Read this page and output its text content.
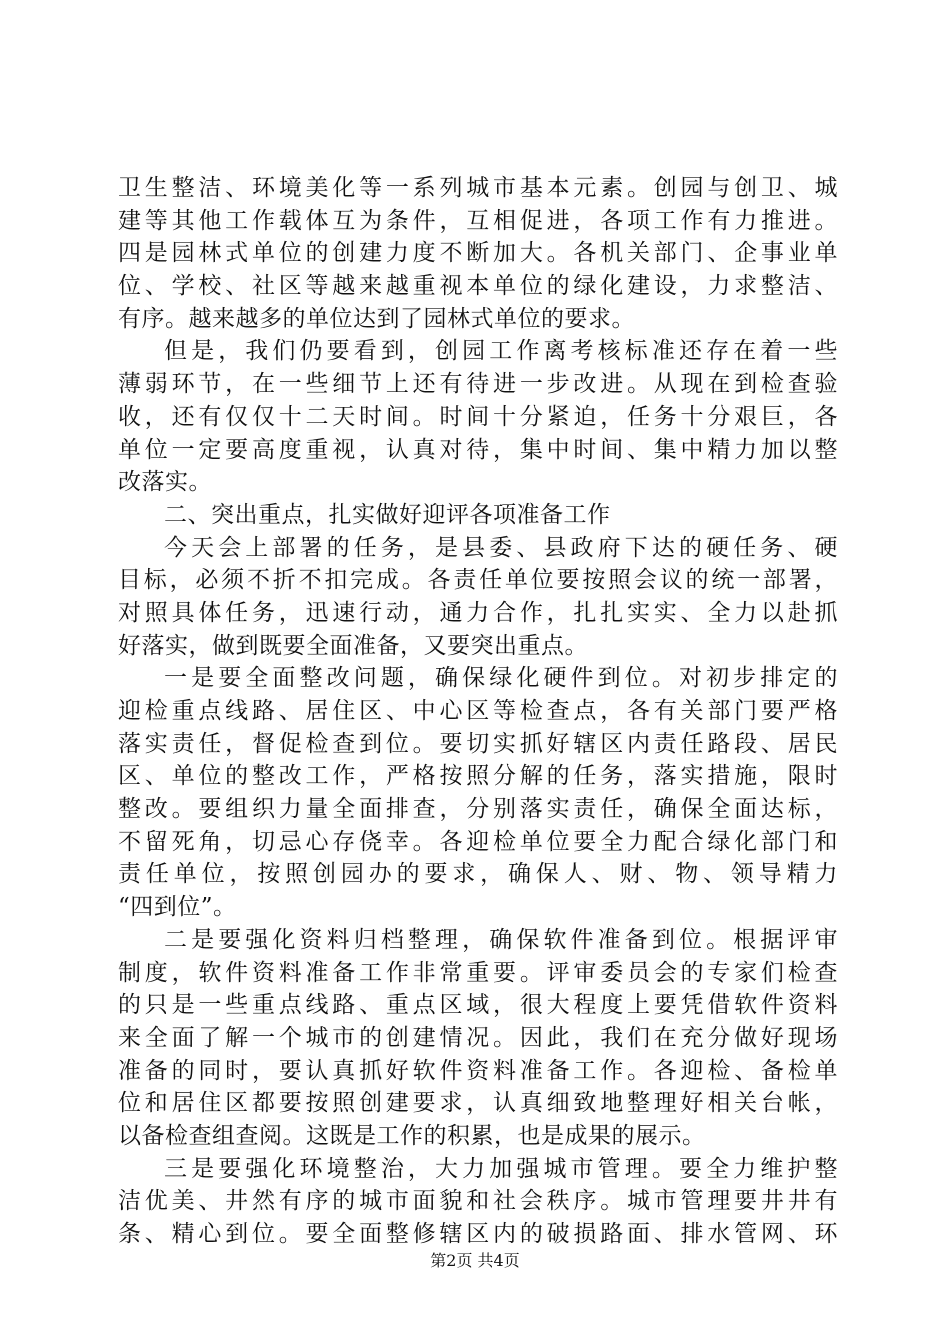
卫生整洁、环境美化等一系列城市基本元素。创园与创卫、城
建等其他工作载体互为条件，互相促进，各项工作有力推进。
四是园林式单位的创建力度不断加大。各机关部门、企事业单
位、学校、社区等越来越重视本单位的绿化建设，力求整洁、
有序。越来越多的单位达到了园林式单位的要求。
但是，我们仍要看到，创园工作离考核标准还存在着一些
薄弱环节，在一些细节上还有待进一步改进。从现在到检查验
收，还有仅仅十二天时间。时间十分紧迫，任务十分艰巨，各
单位一定要高度重视，认真对待，集中时间、集中精力加以整
改落实。
二、突出重点，扎实做好迎评各项准备工作
今天会上部署的任务，是县委、县政府下达的硬任务、硬
目标，必须不折不扣完成。各责任单位要按照会议的统一部署，
对照具体任务，迅速行动，通力合作，扎扎实实、全力以赴抓
好落实，做到既要全面准备，又要突出重点。
一是要全面整改问题，确保绿化硬件到位。对初步排定的
迎检重点线路、居住区、中心区等检查点，各有关部门要严格
落实责任，督促检查到位。要切实抓好辖区内责任路段、居民
区、单位的整改工作，严格按照分解的任务，落实措施，限时
整改。要组织力量全面排查，分别落实责任，确保全面达标，
不留死角，切忌心存侥幸。各迎检单位要全力配合绿化部门和
责任单位，按照创园办的要求，确保人、财、物、领导精力
“四到位”。
二是要强化资料归档整理，确保软件准备到位。根据评审
制度，软件资料准备工作非常重要。评审委员会的专家们检查
的只是一些重点线路、重点区域，很大程度上要凭借软件资料
来全面了解一个城市的创建情况。因此，我们在充分做好现场
准备的同时，要认真抓好软件资料准备工作。各迎检、备检单
位和居住区都要按照创建要求，认真细致地整理好相关台帐，
以备检查组查阅。这既是工作的积累，也是成果的展示。
三是要强化环境整治，大力加强城市管理。要全力维护整
洁优美、井然有序的城市面貌和社会秩序。城市管理要井井有
条、精心到位。要全面整修辖区内的破损路面、排水管网、环
第2页 共4页
